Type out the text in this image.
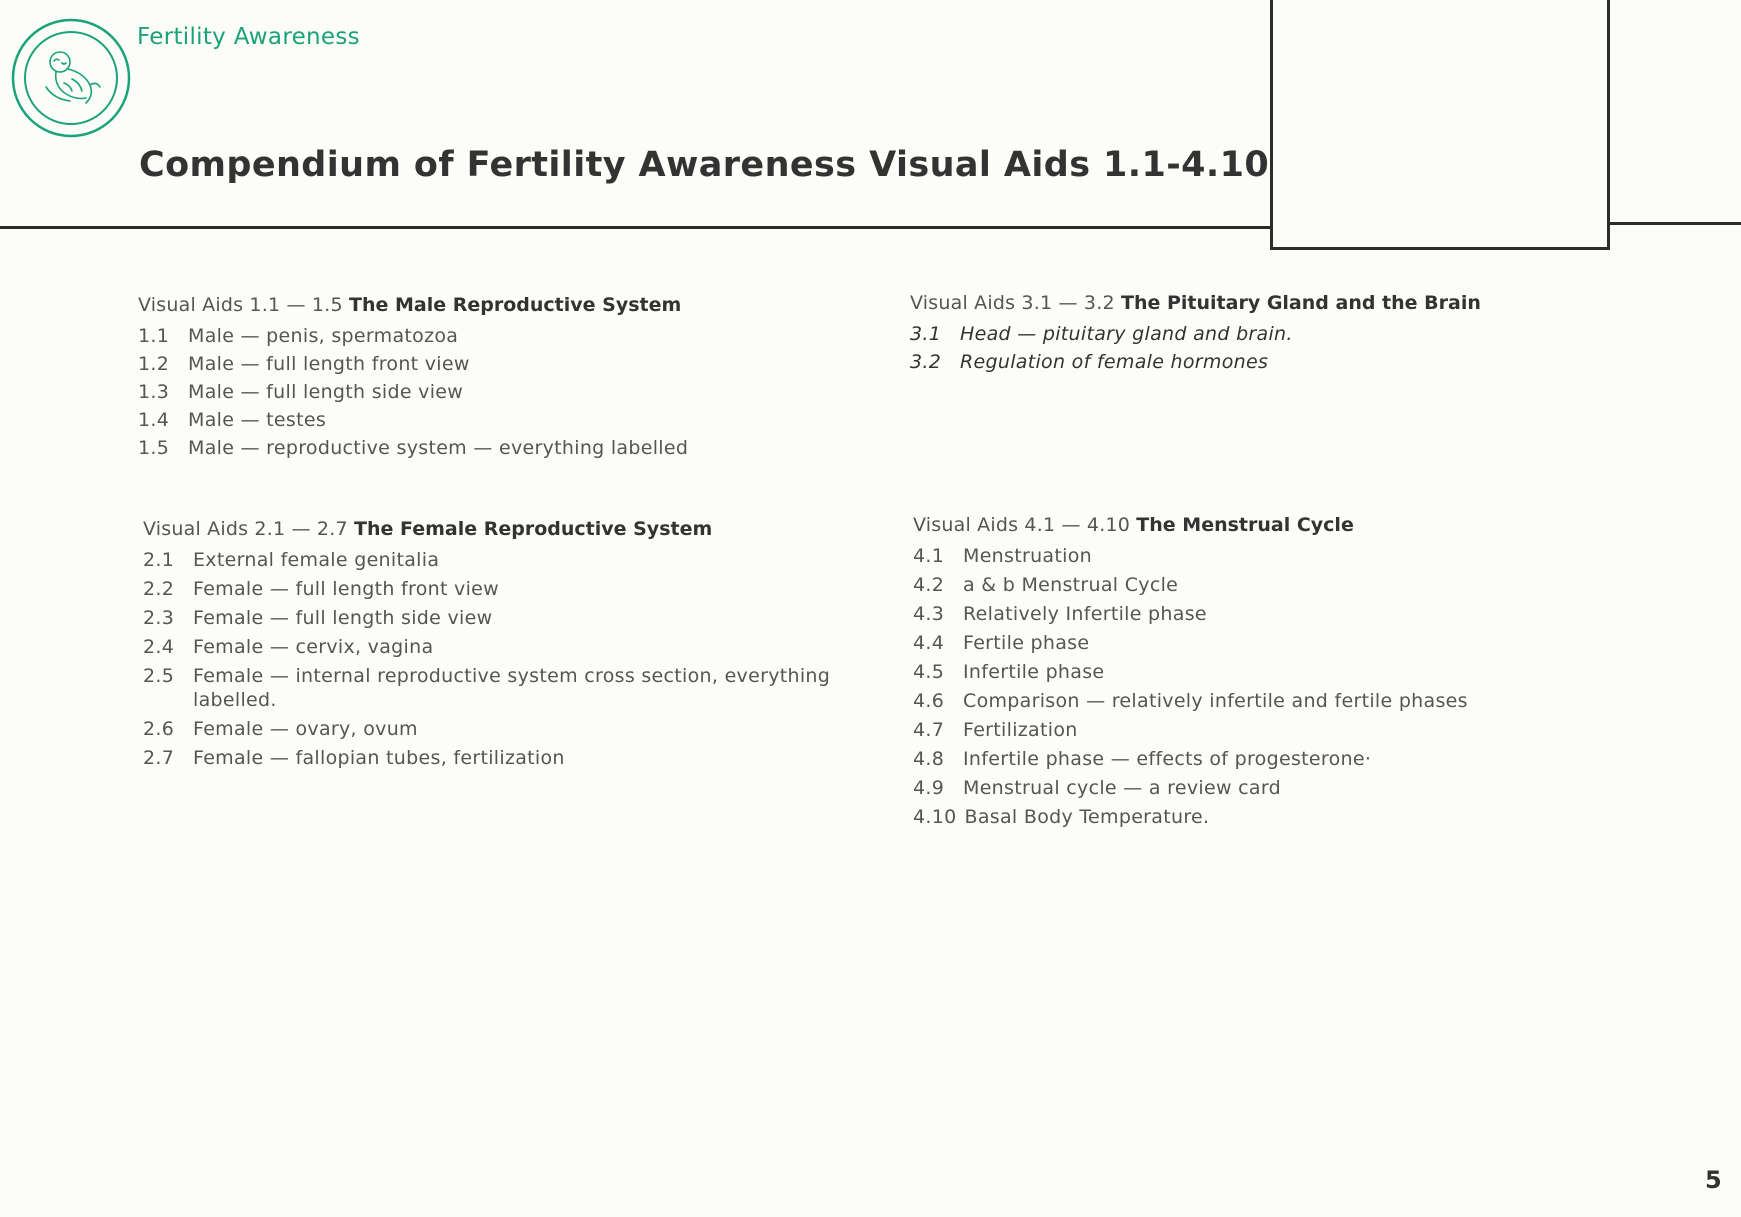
Fertility Awareness
Compendium of Fertility Awareness Visual Aids 1.1-4.10
Visual Aids 1.1 — 1.5 The Male Reproductive System
1.1 Male — penis, spermatozoa
1.2 Male — full length front view
1.3 Male — full length side view
1.4 Male — testes
1.5 Male — reproductive system — everything labelled
Visual Aids 2.1 — 2.7 The Female Reproductive System
2.1 External female genitalia
2.2 Female — full length front view
2.3 Female — full length side view
2.4 Female — cervix, vagina
2.5 Female — internal reproductive system cross section, everything labelled.
2.6 Female — ovary, ovum
2.7 Female — fallopian tubes, fertilization
Visual Aids 3.1 — 3.2 The Pituitary Gland and the Brain
3.1 Head — pituitary gland and brain.
3.2 Regulation of female hormones
Visual Aids 4.1 — 4.10 The Menstrual Cycle
4.1 Menstruation
4.2 a & b Menstrual Cycle
4.3 Relatively Infertile phase
4.4 Fertile phase
4.5 Infertile phase
4.6 Comparison — relatively infertile and fertile phases
4.7 Fertilization
4.8 Infertile phase — effects of progesterone·
4.9 Menstrual cycle — a review card
4.10 Basal Body Temperature.
5
